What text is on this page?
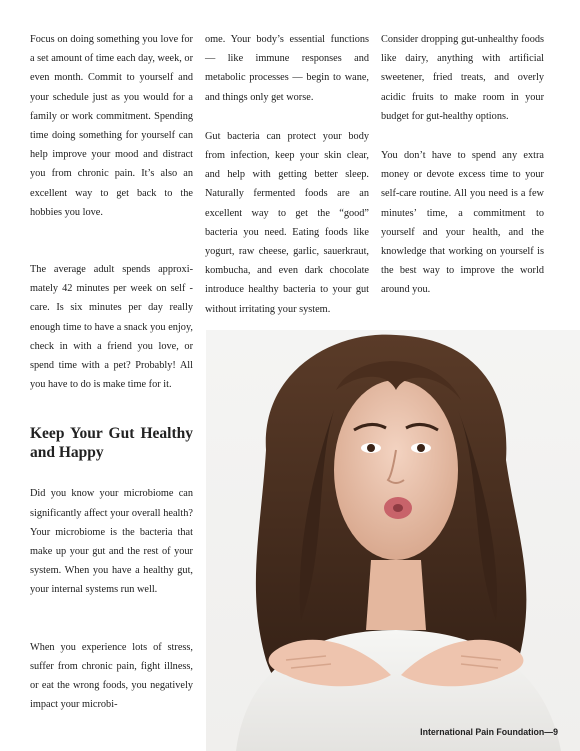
Focus on doing something you love for a set amount of time each day, week, or even month. Commit to yourself and your schedule just as you would for a family or work commitment. Spending time doing something for yourself can help improve your mood and distract you from chronic pain. It’s also an excellent way to get back to the hobbies you love.

The average adult spends approximately 42 minutes per week on self -care. Is six minutes per day really enough time to have a snack you enjoy, check in with a friend you love, or spend time with a pet? Probably! All you have to do is make time for it.

Keep Your Gut Healthy and Happy

Did you know your microbiome can significantly affect your overall health? Your microbiome is the bacteria that make up your gut and the rest of your system. When you have a healthy gut, your internal systems run well.

When you experience lots of stress, suffer from chronic pain, fight illness, or eat the wrong foods, you negatively impact your microbi-

ome. Your body’s essential functions — like immune responses and metabolic processes — begin to wane, and things only get worse.

Gut bacteria can protect your body from infection, keep your skin clear, and help with getting better sleep. Naturally fermented foods are an excellent way to get the “good” bacteria you need. Eating foods like yogurt, raw cheese, garlic, sauerkraut, kombucha, and even dark chocolate introduce healthy bacteria to your gut without irritating your system.

Consider dropping gut-unhealthy foods like dairy, anything with artificial sweetener, fried treats, and overly acidic fruits to make room in your budget for gut-healthy options.

You don’t have to spend any extra money or devote excess time to your self-care routine. All you need is a few minutes’ time, a commitment to yourself and your health, and the knowledge that working on yourself is the best way to improve the world around you.

International Pain Foundation—9
